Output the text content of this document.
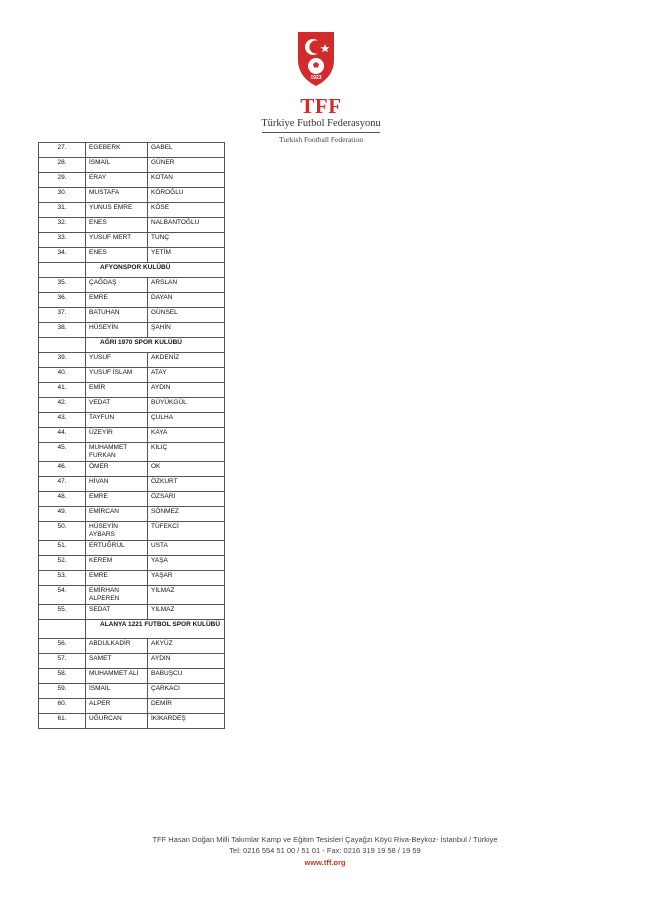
1923
TFF
Türkiye Futbol Federasyonu
Turkish Football Federation
27.	EGEBERK	GABEL
28.	İSMAİL	GÜNER
29.	ERAY	KOTAN
30.	MUSTAFA	KÖROĞLU
31.	YUNUS EMRE	KÖSE
32.	ENES	NALBANTOĞLU
33.	YUSUF MERT	TUNÇ
34.	ENES	YETİM
	AFYONSPOR KULÜBÜ	
35.	ÇAĞDAŞ	ARSLAN
36.	EMRE	DAYAN
37.	BATUHAN	GÜNSEL
38.	HÜSEYİN	ŞAHİN
	AĞRI 1970 SPOR KULÜBÜ	
39.	YUSUF	AKDENİZ
40.	YUSUF İSLAM	ATAY
41.	EMİR	AYDIN
42.	VEDAT	BÜYÜKGÜL
43.	TAYFUN	ÇULHA
44.	ÜZEYİR	KAYA
45.	MUHAMMET FURKAN	KILIÇ
46.	ÖMER	OK
47.	HİVAN	ÖZKURT
48.	EMRE	ÖZSARI
49.	EMİRCAN	SÖNMEZ
50.	HÜSEYİN AYBARS	TÜFEKCİ
51.	ERTUĞRUL	USTA
52.	KEREM	YAŞA
53.	EMRE	YAŞAR
54.	EMİRHAN ALPEREN	YILMAZ
55.	SEDAT	YILMAZ
	ALANYA 1221 FUTBOL SPOR KULÜBÜ	
56.	ABDULKADİR	AKYÜZ
57.	SAMET	AYDIN
58.	MUHAMMET ALİ	BABUŞCU
59.	İSMAİL	ÇARKACI
60.	ALPER	DEMİR
61.	UĞURCAN	İKİKARDEŞ
TFF Hasan Doğan Milli Takımlar Kamp ve Eğitim Tesisleri Çayağzı Köyü Riva-Beykoz- İstanbul / Türkiye
Tel: 0216 554 51 00 / 51 01 - Fax: 0216 319 19 58 / 19 59
www.tff.org
